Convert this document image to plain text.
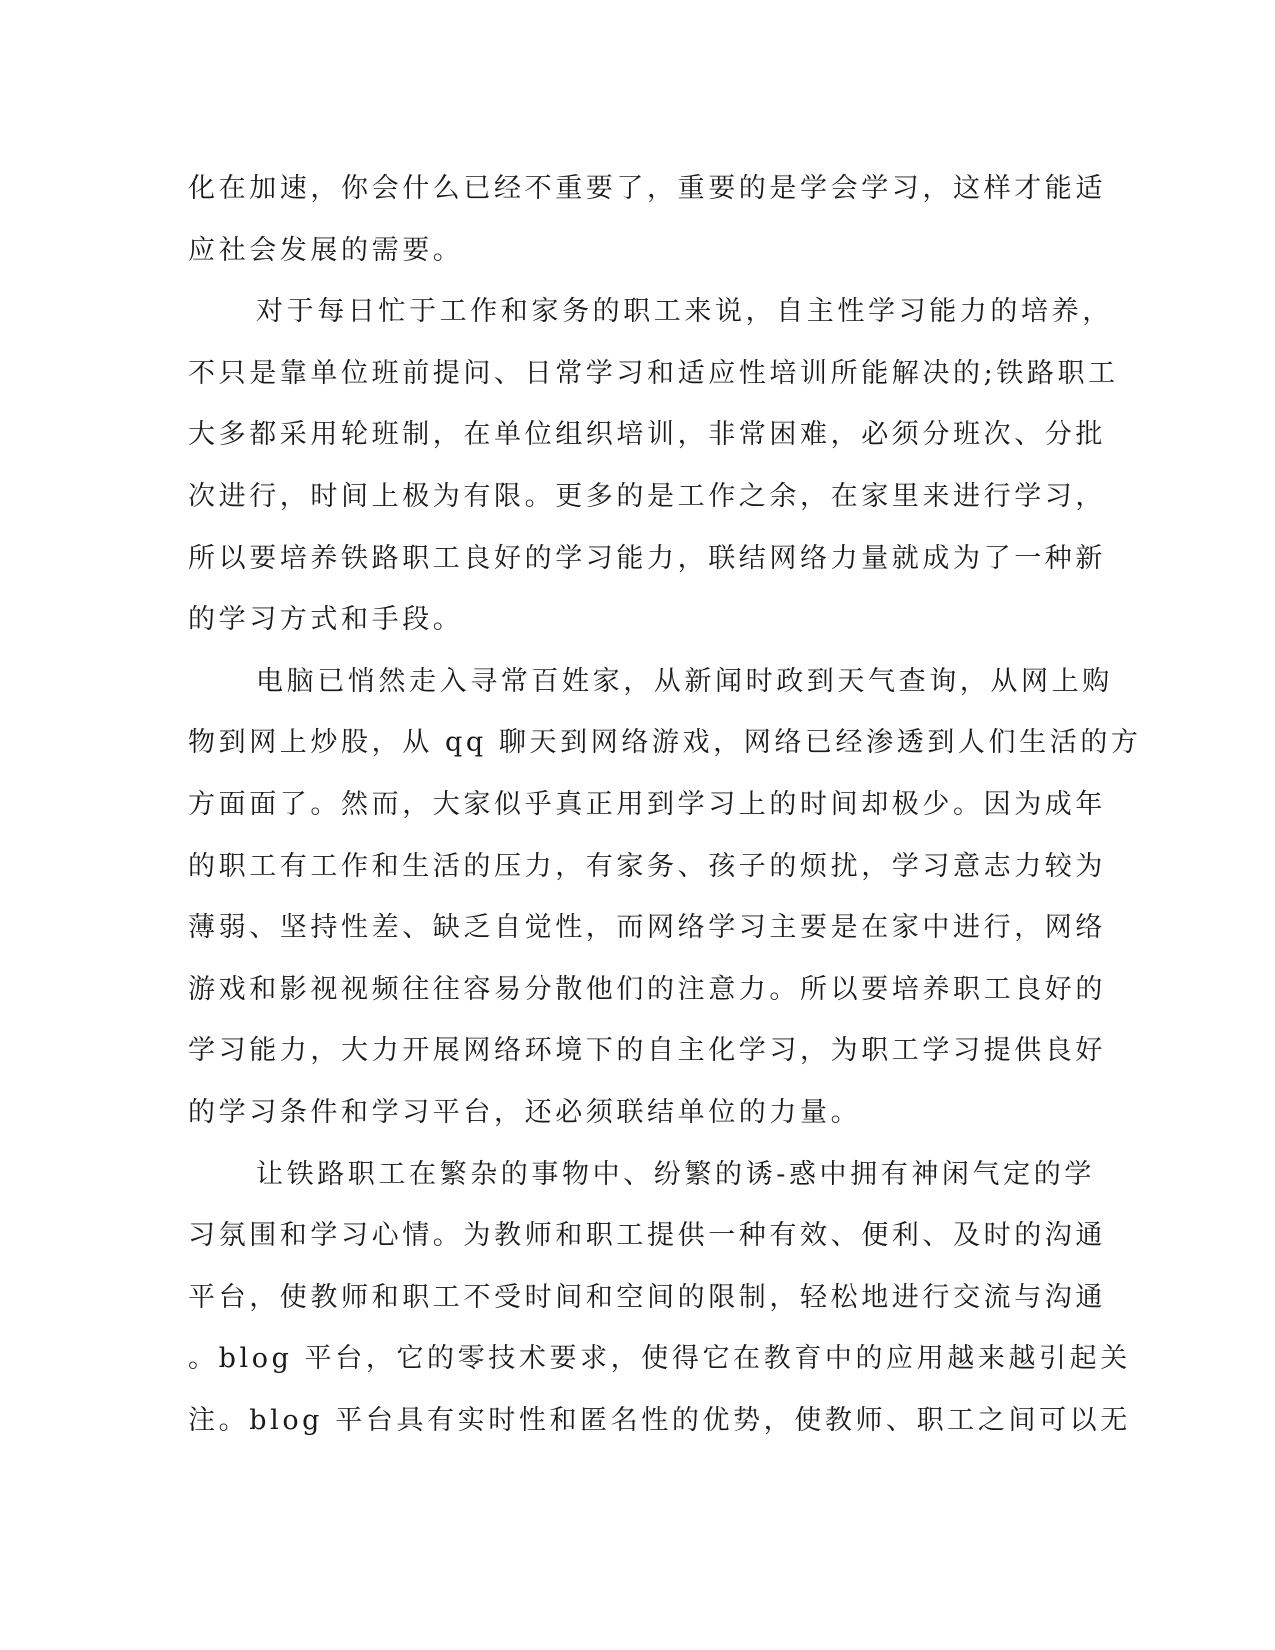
化在加速，你会什么已经不重要了，重要的是学会学习，这样才能适
应社会发展的需要。
对于每日忙于工作和家务的职工来说，自主性学习能力的培养，
不只是靠单位班前提问、日常学习和适应性培训所能解决的;铁路职工
大多都采用轮班制，在单位组织培训，非常困难，必须分班次、分批
次进行，时间上极为有限。更多的是工作之余，在家里来进行学习，
所以要培养铁路职工良好的学习能力，联结网络力量就成为了一种新
的学习方式和手段。
电脑已悄然走入寻常百姓家，从新闻时政到天气查询，从网上购
物到网上炒股，从 qq 聊天到网络游戏，网络已经渗透到人们生活的方
方面面了。然而，大家似乎真正用到学习上的时间却极少。因为成年
的职工有工作和生活的压力，有家务、孩子的烦扰，学习意志力较为
薄弱、坚持性差、缺乏自觉性，而网络学习主要是在家中进行，网络
游戏和影视视频往往容易分散他们的注意力。所以要培养职工良好的
学习能力，大力开展网络环境下的自主化学习，为职工学习提供良好
的学习条件和学习平台，还必须联结单位的力量。
让铁路职工在繁杂的事物中、纷繁的诱-惑中拥有神闲气定的学
习氛围和学习心情。为教师和职工提供一种有效、便利、及时的沟通
平台，使教师和职工不受时间和空间的限制，轻松地进行交流与沟通
。blog 平台，它的零技术要求，使得它在教育中的应用越来越引起关
注。blog 平台具有实时性和匿名性的优势，使教师、职工之间可以无
